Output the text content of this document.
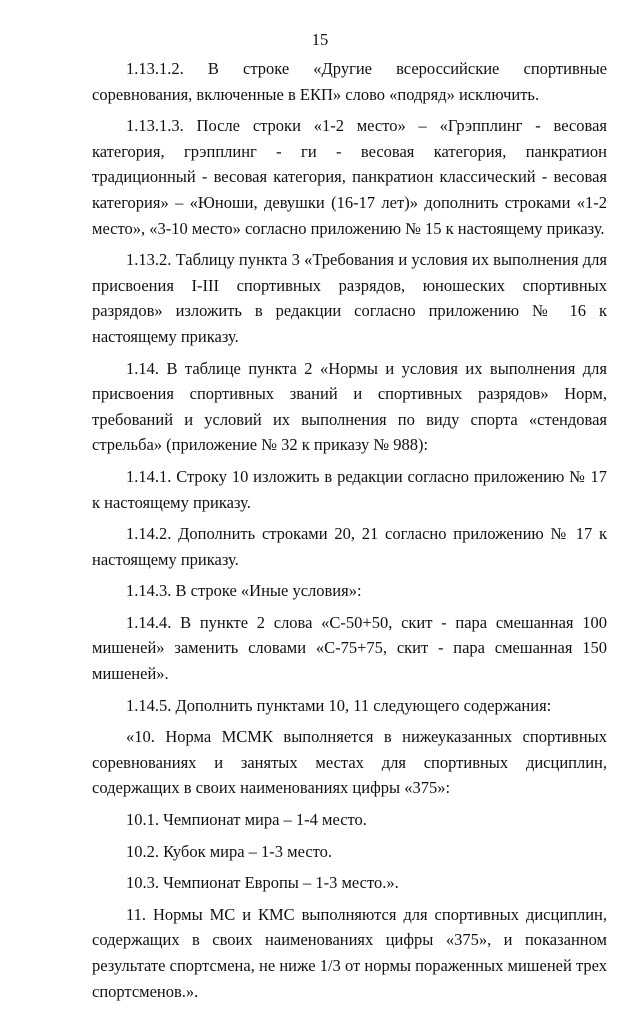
15

1.13.1.2. В строке «Другие всероссийские спортивные соревнования, включенные в ЕКП» слово «подряд» исключить.

1.13.1.3. После строки «1-2 место» – «Грэпплинг - весовая категория, грэпплинг - ги - весовая категория, панкратион традиционный - весовая категория, панкратион классический - весовая категория» – «Юноши, девушки (16-17 лет)» дополнить строками «1-2 место», «3-10 место» согласно приложению № 15 к настоящему приказу.

1.13.2. Таблицу пункта 3 «Требования и условия их выполнения для присвоения I-III спортивных разрядов, юношеских спортивных разрядов» изложить в редакции согласно приложению № 16 к настоящему приказу.

1.14. В таблице пункта 2 «Нормы и условия их выполнения для присвоения спортивных званий и спортивных разрядов» Норм, требований и условий их выполнения по виду спорта «стендовая стрельба» (приложение № 32 к приказу № 988):

1.14.1. Строку 10 изложить в редакции согласно приложению № 17 к настоящему приказу.

1.14.2. Дополнить строками 20, 21 согласно приложению № 17 к настоящему приказу.

1.14.3. В строке «Иные условия»:

1.14.4. В пункте 2 слова «С-50+50, скит - пара смешанная 100 мишеней» заменить словами «С-75+75, скит - пара смешанная 150 мишеней».

1.14.5. Дополнить пунктами 10, 11 следующего содержания:

«10. Норма МСМК выполняется в нижеуказанных спортивных соревнованиях и занятых местах для спортивных дисциплин, содержащих в своих наименованиях цифры «375»:

10.1. Чемпионат мира – 1-4 место.

10.2. Кубок мира – 1-3 место.

10.3. Чемпионат Европы – 1-3 место.».

11. Нормы МС и КМС выполняются для спортивных дисциплин, содержащих в своих наименованиях цифры «375», и показанном результате спортсмена, не ниже 1/3 от нормы пораженных мишеней трех спортсменов.».
